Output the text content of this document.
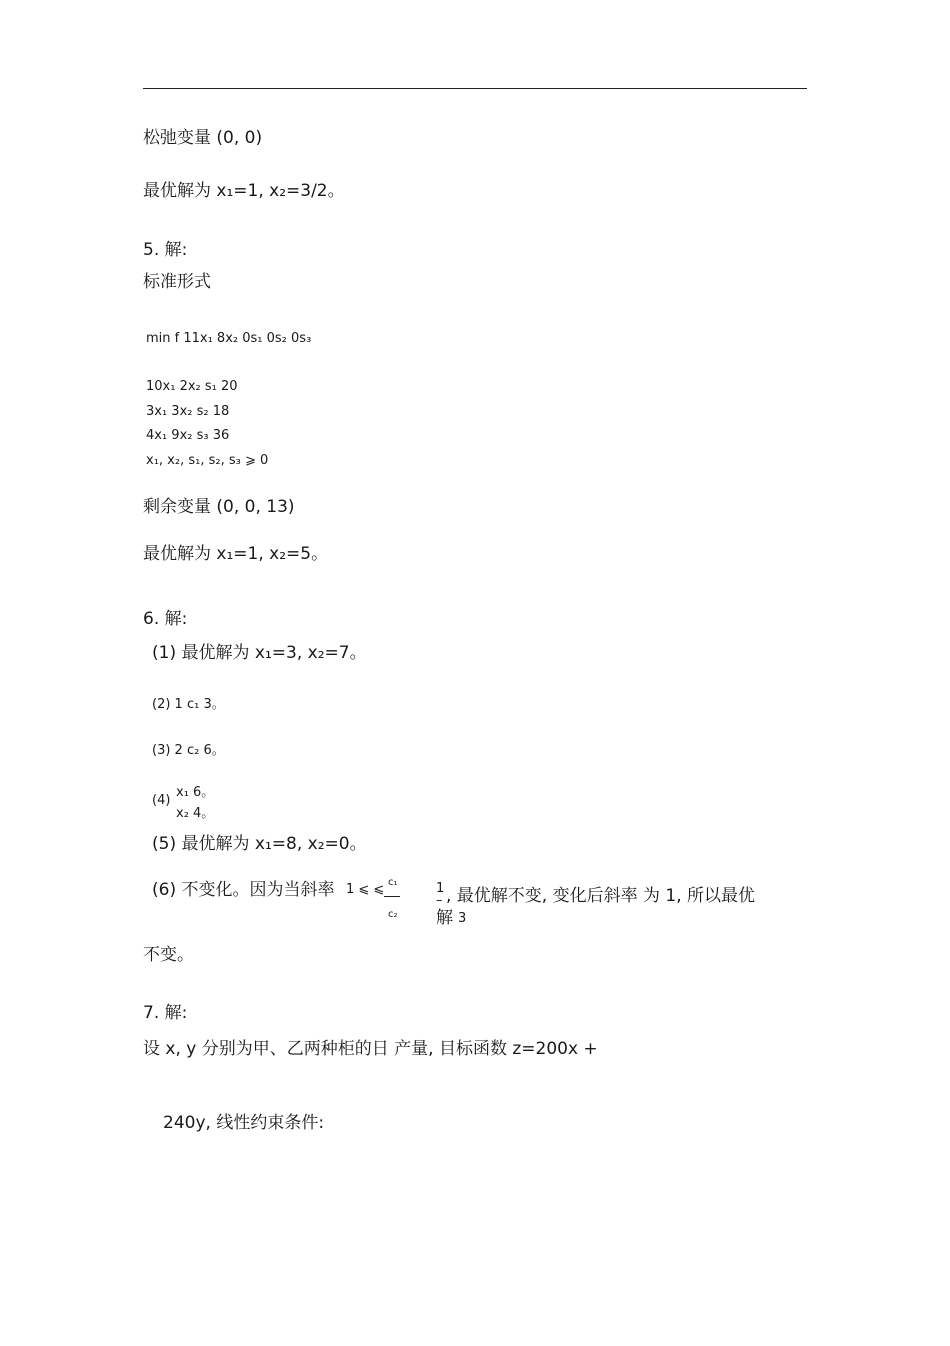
松弛变量 (0, 0)
最优解为 x₁=1, x₂=3/2。
5. 解:
标准形式
min f 11x₁ 8x₂ 0s₁ 0s₂ 0s₃
10x₁ 2x₂ s₁ 20
3x₁ 3x₂ s₂ 18
4x₁ 9x₂ s₃ 36
x₁, x₂, s₁, s₂, s₃ ⩾ 0
剩余变量 (0, 0, 13)
最优解为 x₁=1, x₂=5。
6. 解:
(1) 最优解为 x₁=3, x₂=7。
(2) 1 c₁ 3。
(3) 2 c₂ 6。
(4)
x₁ 6。
x₂ 4。
(5) 最优解为 x₁=8, x₂=0。
(6) 不变化。因为当斜率 1 ⩽ ⩽ c₁
c₂
1
– , 最优解不变, 变化后斜率 为 1, 所以最优
解 3
不变。
7. 解:
设 x, y 分别为甲、乙两种柜的日 产量, 目标函数 z=200x +
240y, 线性约束条件:
